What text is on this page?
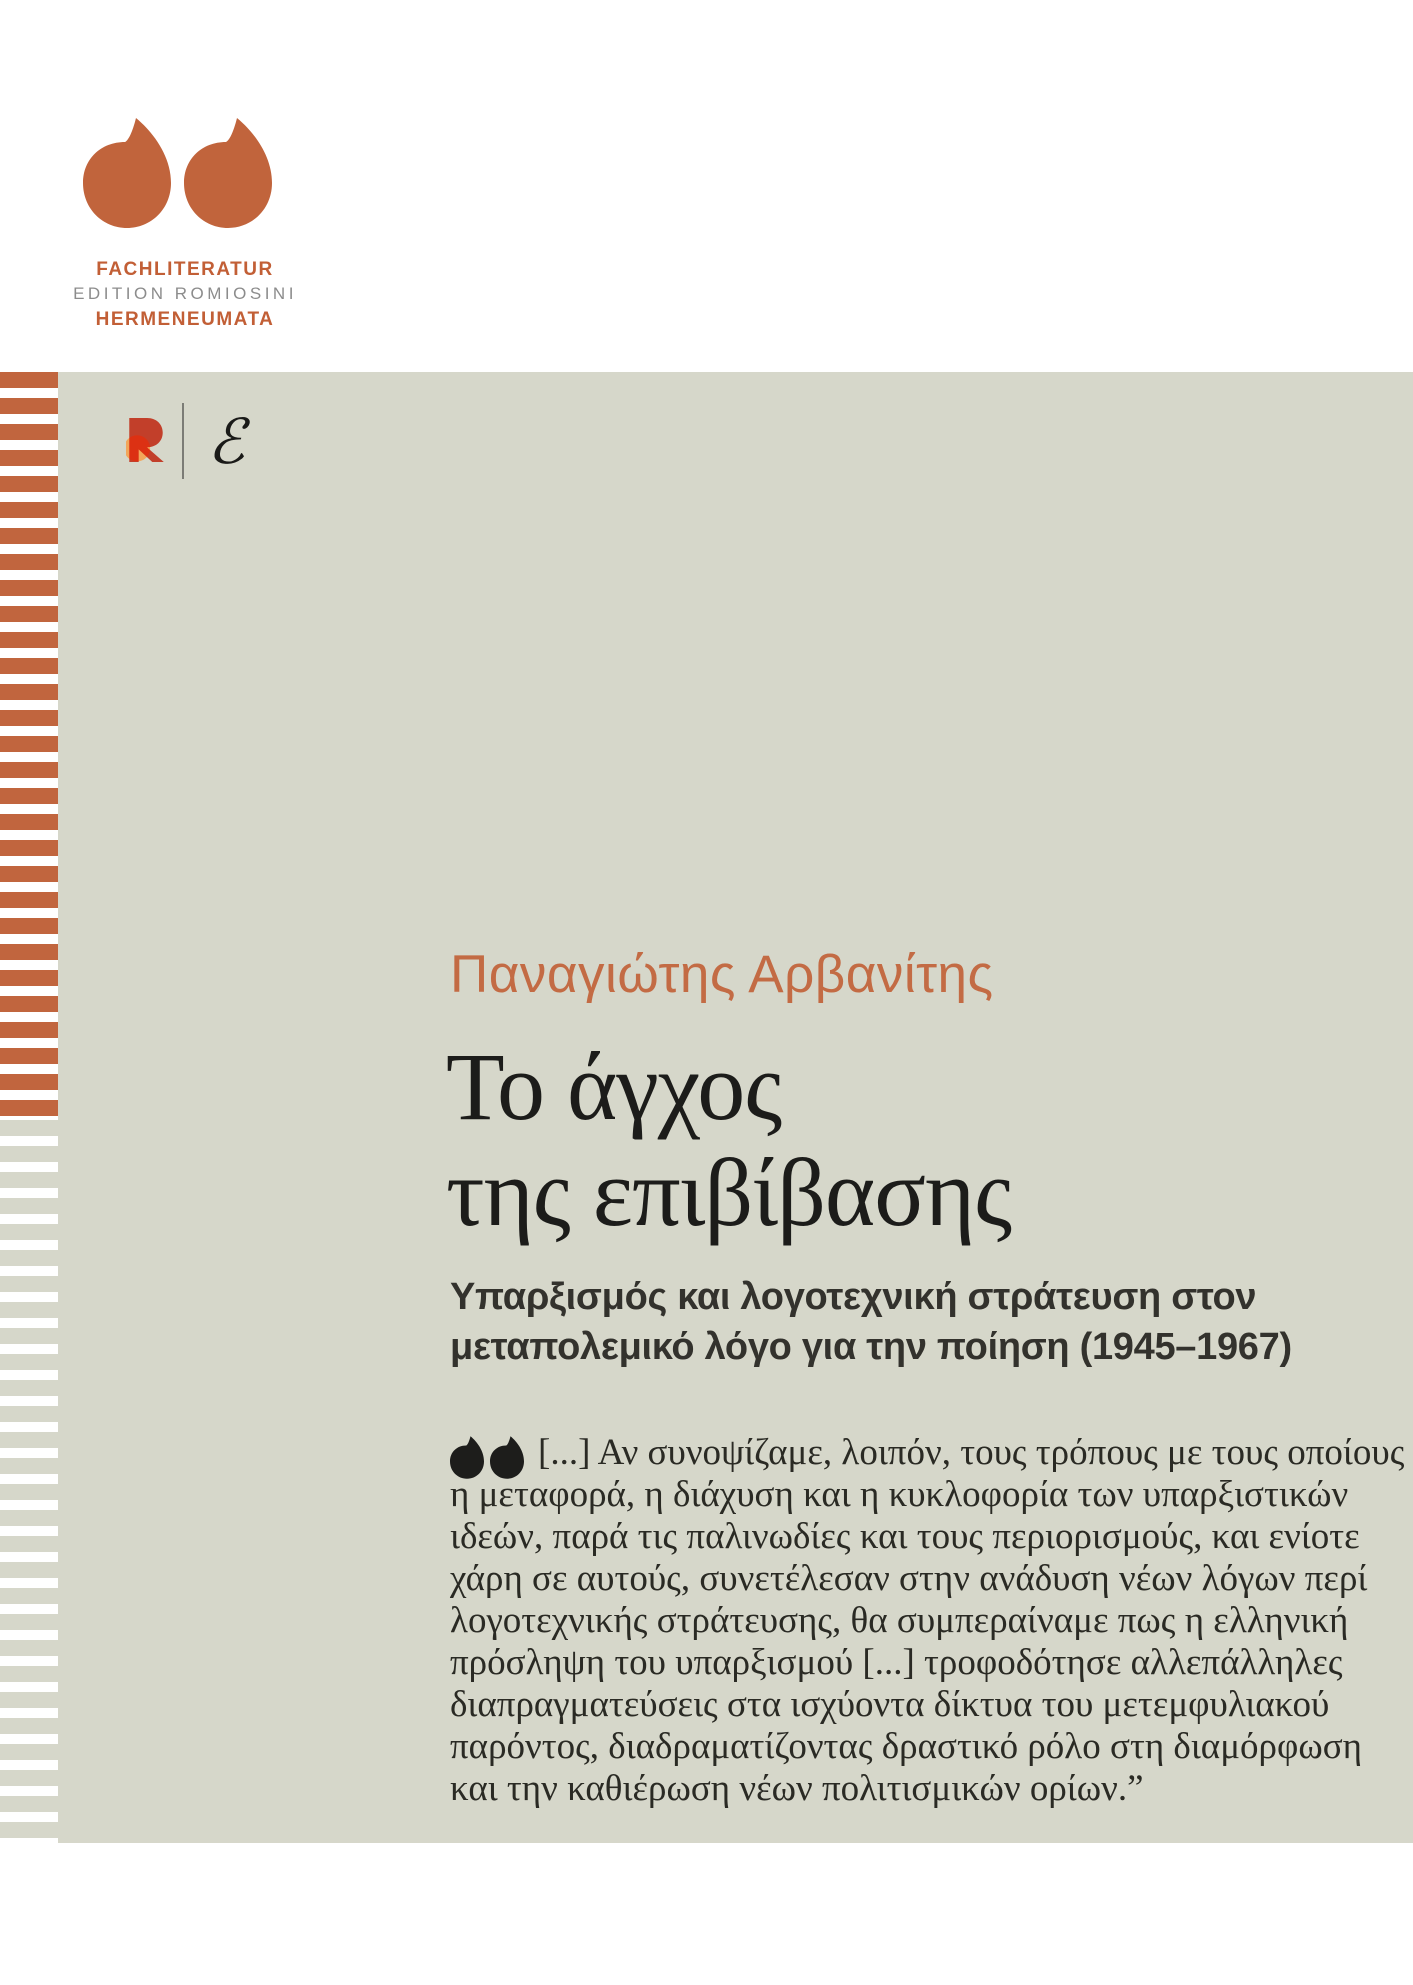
FACHLITERATUR
EDITION ROMIOSINI
HERMENEUMATA
ℰ
Παναγιώτης Αρβανίτης
Το άγχος
της επιβίβασης
Υπαρξισμός και λογοτεχνική στράτευση στον
μεταπολεμικό λόγο για την ποίηση (1945–1967)
[...] Αν συνοψίζαμε, λοιπόν, τους τρόπους με τους οποίους
η μεταφορά, η διάχυση και η κυκλοφορία των υπαρξιστικών
ιδεών, παρά τις παλινωδίες και τους περιορισμούς, και ενίοτε
χάρη σε αυτούς, συνετέλεσαν στην ανάδυση νέων λόγων περί
λογοτεχνικής στράτευσης, θα συμπεραίναμε πως η ελληνική
πρόσληψη του υπαρξισμού [...] τροφοδότησε αλλεπάλληλες
διαπραγματεύσεις στα ισχύοντα δίκτυα του μετεμφυλιακού
παρόντος, διαδραματίζοντας δραστικό ρόλο στη διαμόρφωση
και την καθιέρωση νέων πολιτισμικών ορίων.”
